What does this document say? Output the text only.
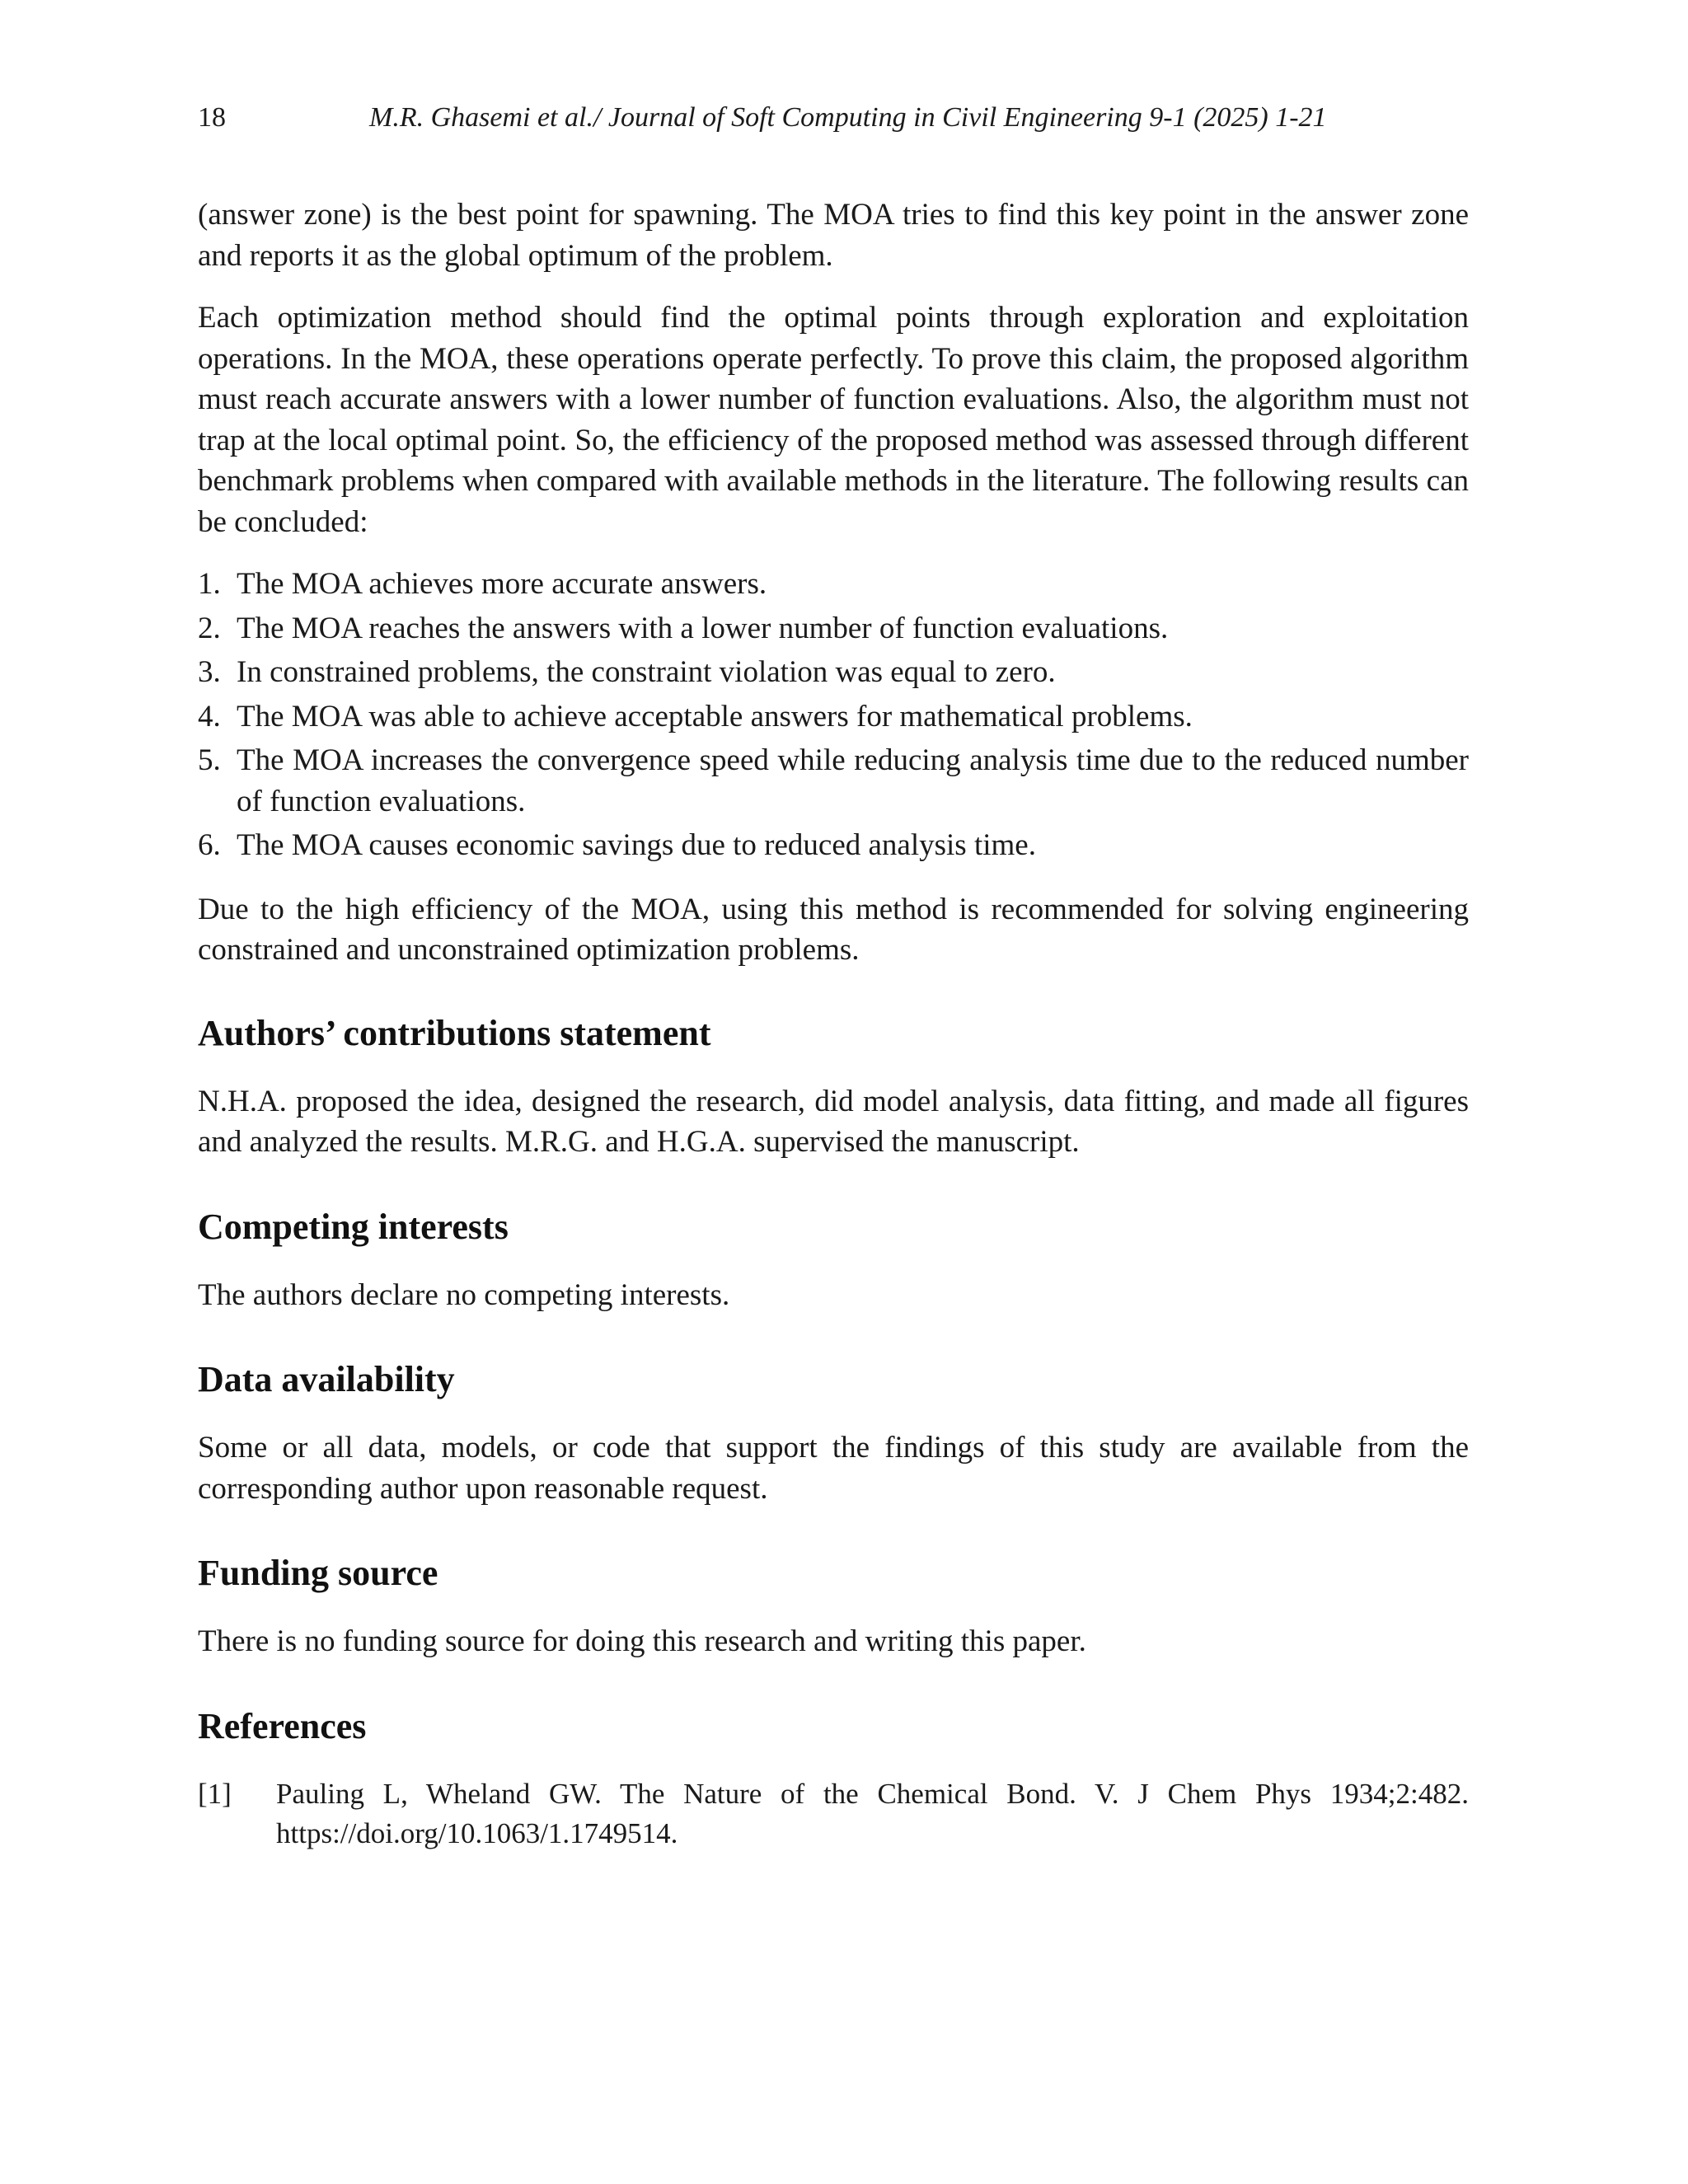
18	M.R. Ghasemi et al./ Journal of Soft Computing in Civil Engineering 9-1 (2025) 1-21

(answer zone) is the best point for spawning. The MOA tries to find this key point in the answer zone and reports it as the global optimum of the problem.

Each optimization method should find the optimal points through exploration and exploitation operations. In the MOA, these operations operate perfectly. To prove this claim, the proposed algorithm must reach accurate answers with a lower number of function evaluations. Also, the algorithm must not trap at the local optimal point. So, the efficiency of the proposed method was assessed through different benchmark problems when compared with available methods in the literature. The following results can be concluded:

1. The MOA achieves more accurate answers.
2. The MOA reaches the answers with a lower number of function evaluations.
3. In constrained problems, the constraint violation was equal to zero.
4. The MOA was able to achieve acceptable answers for mathematical problems.
5. The MOA increases the convergence speed while reducing analysis time due to the reduced number of function evaluations.
6. The MOA causes economic savings due to reduced analysis time.

Due to the high efficiency of the MOA, using this method is recommended for solving engineering constrained and unconstrained optimization problems.

Authors’ contributions statement

N.H.A. proposed the idea, designed the research, did model analysis, data fitting, and made all figures and analyzed the results. M.R.G. and H.G.A. supervised the manuscript.

Competing interests

The authors declare no competing interests.

Data availability

Some or all data, models, or code that support the findings of this study are available from the corresponding author upon reasonable request.

Funding source

There is no funding source for doing this research and writing this paper.

References
[1] Pauling L, Wheland GW. The Nature of the Chemical Bond. V. J Chem Phys 1934;2:482. https://doi.org/10.1063/1.1749514.
